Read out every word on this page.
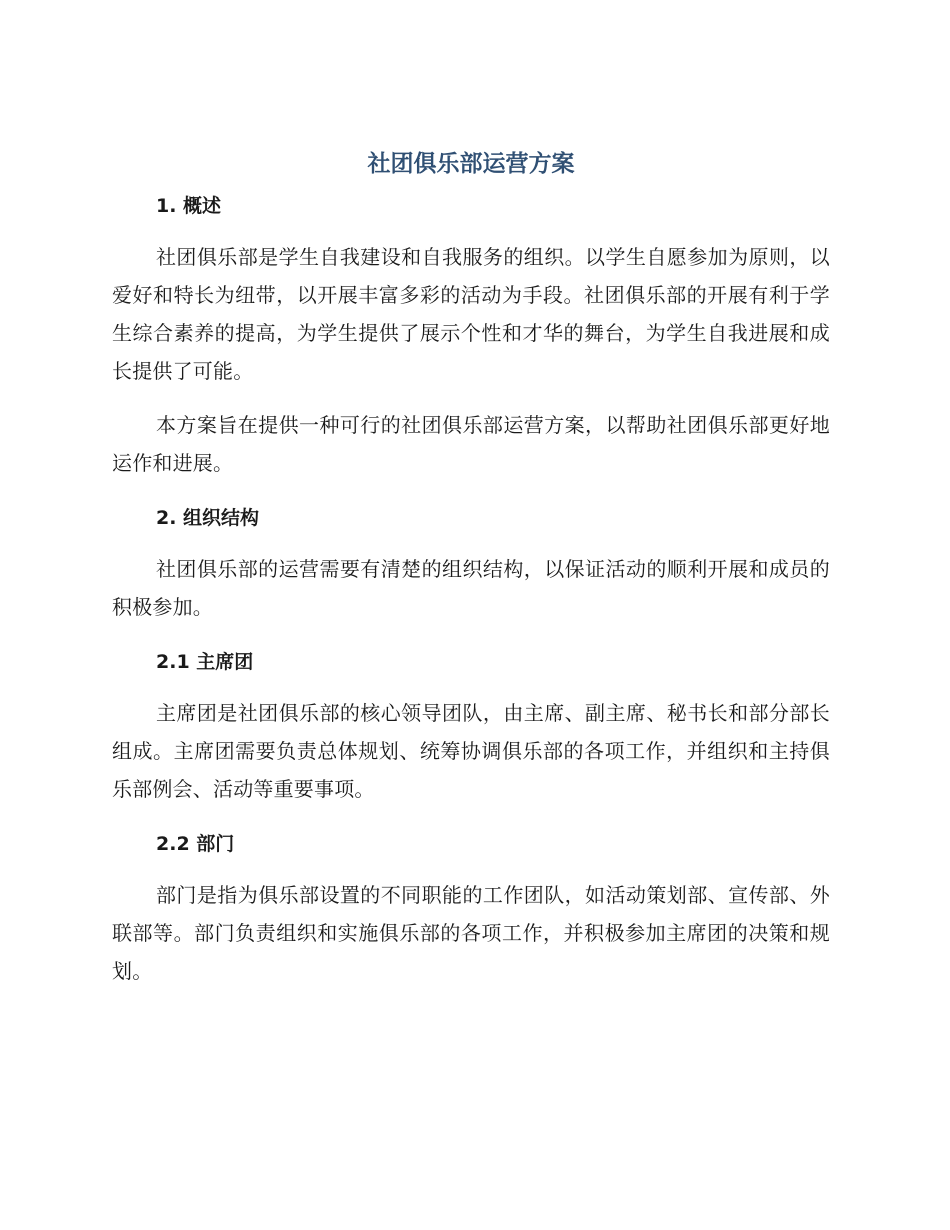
社团俱乐部运营方案
1. 概述

社团俱乐部是学生自我建设和自我服务的组织。以学生自愿参加为原则，以爱好和特长为纽带，以开展丰富多彩的活动为手段。社团俱乐部的开展有利于学生综合素养的提高，为学生提供了展示个性和才华的舞台，为学生自我进展和成长提供了可能。

本方案旨在提供一种可行的社团俱乐部运营方案，以帮助社团俱乐部更好地运作和进展。

2. 组织结构

社团俱乐部的运营需要有清楚的组织结构，以保证活动的顺利开展和成员的积极参加。

2.1 主席团

主席团是社团俱乐部的核心领导团队，由主席、副主席、秘书长和部分部长组成。主席团需要负责总体规划、统筹协调俱乐部的各项工作，并组织和主持俱乐部例会、活动等重要事项。

2.2 部门

部门是指为俱乐部设置的不同职能的工作团队，如活动策划部、宣传部、外联部等。部门负责组织和实施俱乐部的各项工作，并积极参加主席团的决策和规划。
